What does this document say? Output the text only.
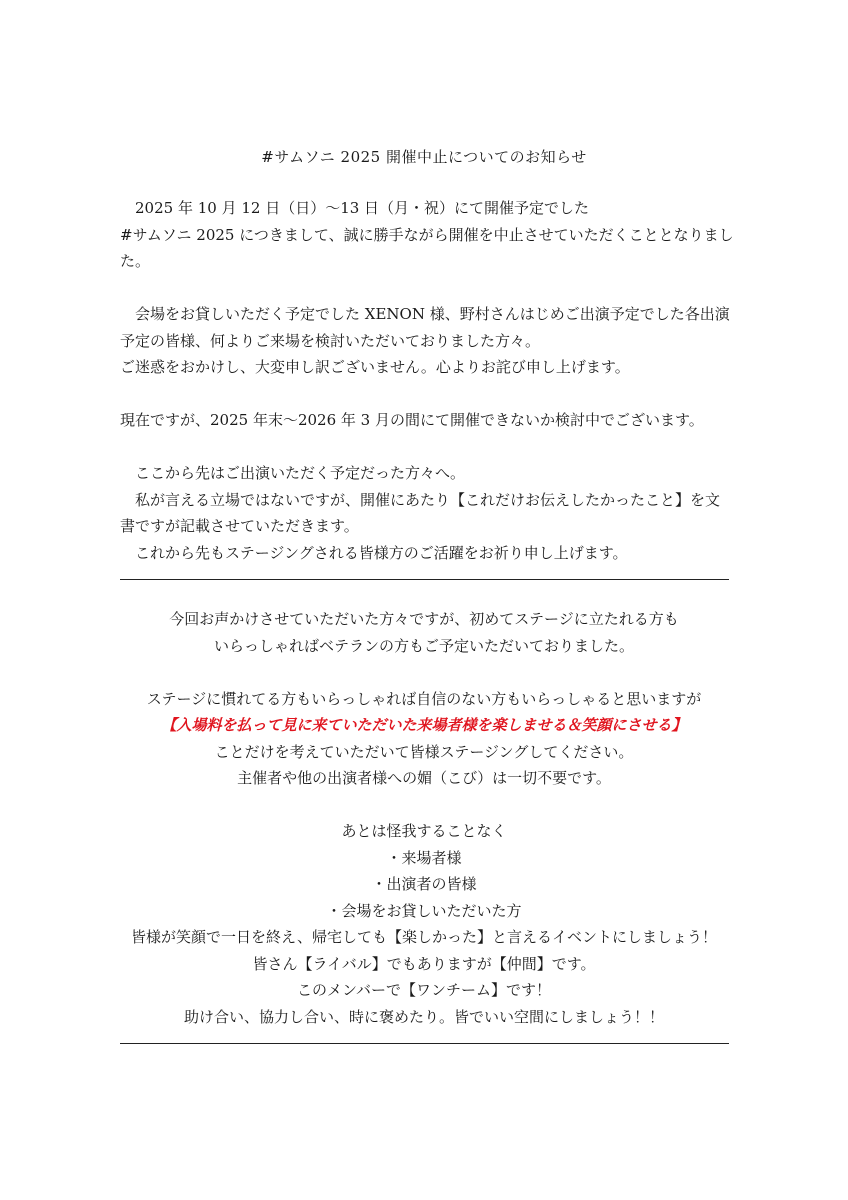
#サムソニ 2025 開催中止についてのお知らせ

　2025 年 10 月 12 日（日）〜13 日（月・祝）にて開催予定でした

#サムソニ 2025 につきまして、誠に勝手ながら開催を中止させていただくこととなりまし

た。

　会場をお貸しいただく予定でした XENON 様、野村さんはじめご出演予定でした各出演

予定の皆様、何よりご来場を検討いただいておりました方々。

ご迷惑をおかけし、大変申し訳ございません。心よりお詫び申し上げます。

現在ですが、2025 年末〜2026 年 3 月の間にて開催できないか検討中でございます。

　ここから先はご出演いただく予定だった方々へ。

　私が言える立場ではないですが、開催にあたり【これだけお伝えしたかったこと】を文

書ですが記載させていただきます。

　これから先もステージングされる皆様方のご活躍をお祈り申し上げます。

今回お声かけさせていただいた方々ですが、初めてステージに立たれる方も

いらっしゃればベテランの方もご予定いただいておりました。

ステージに慣れてる方もいらっしゃれば自信のない方もいらっしゃると思いますが

【入場料を払って見に来ていただいた来場者様を楽しませる＆笑顔にさせる】

ことだけを考えていただいて皆様ステージングしてください。

主催者や他の出演者様への媚（こび）は一切不要です。

あとは怪我することなく

・来場者様

・出演者の皆様

・会場をお貸しいただいた方

皆様が笑顔で一日を終え、帰宅しても【楽しかった】と言えるイベントにしましょう！

皆さん【ライバル】でもありますが【仲間】です。

このメンバーで【ワンチーム】です！

助け合い、協力し合い、時に褒めたり。皆でいい空間にしましょう！！
